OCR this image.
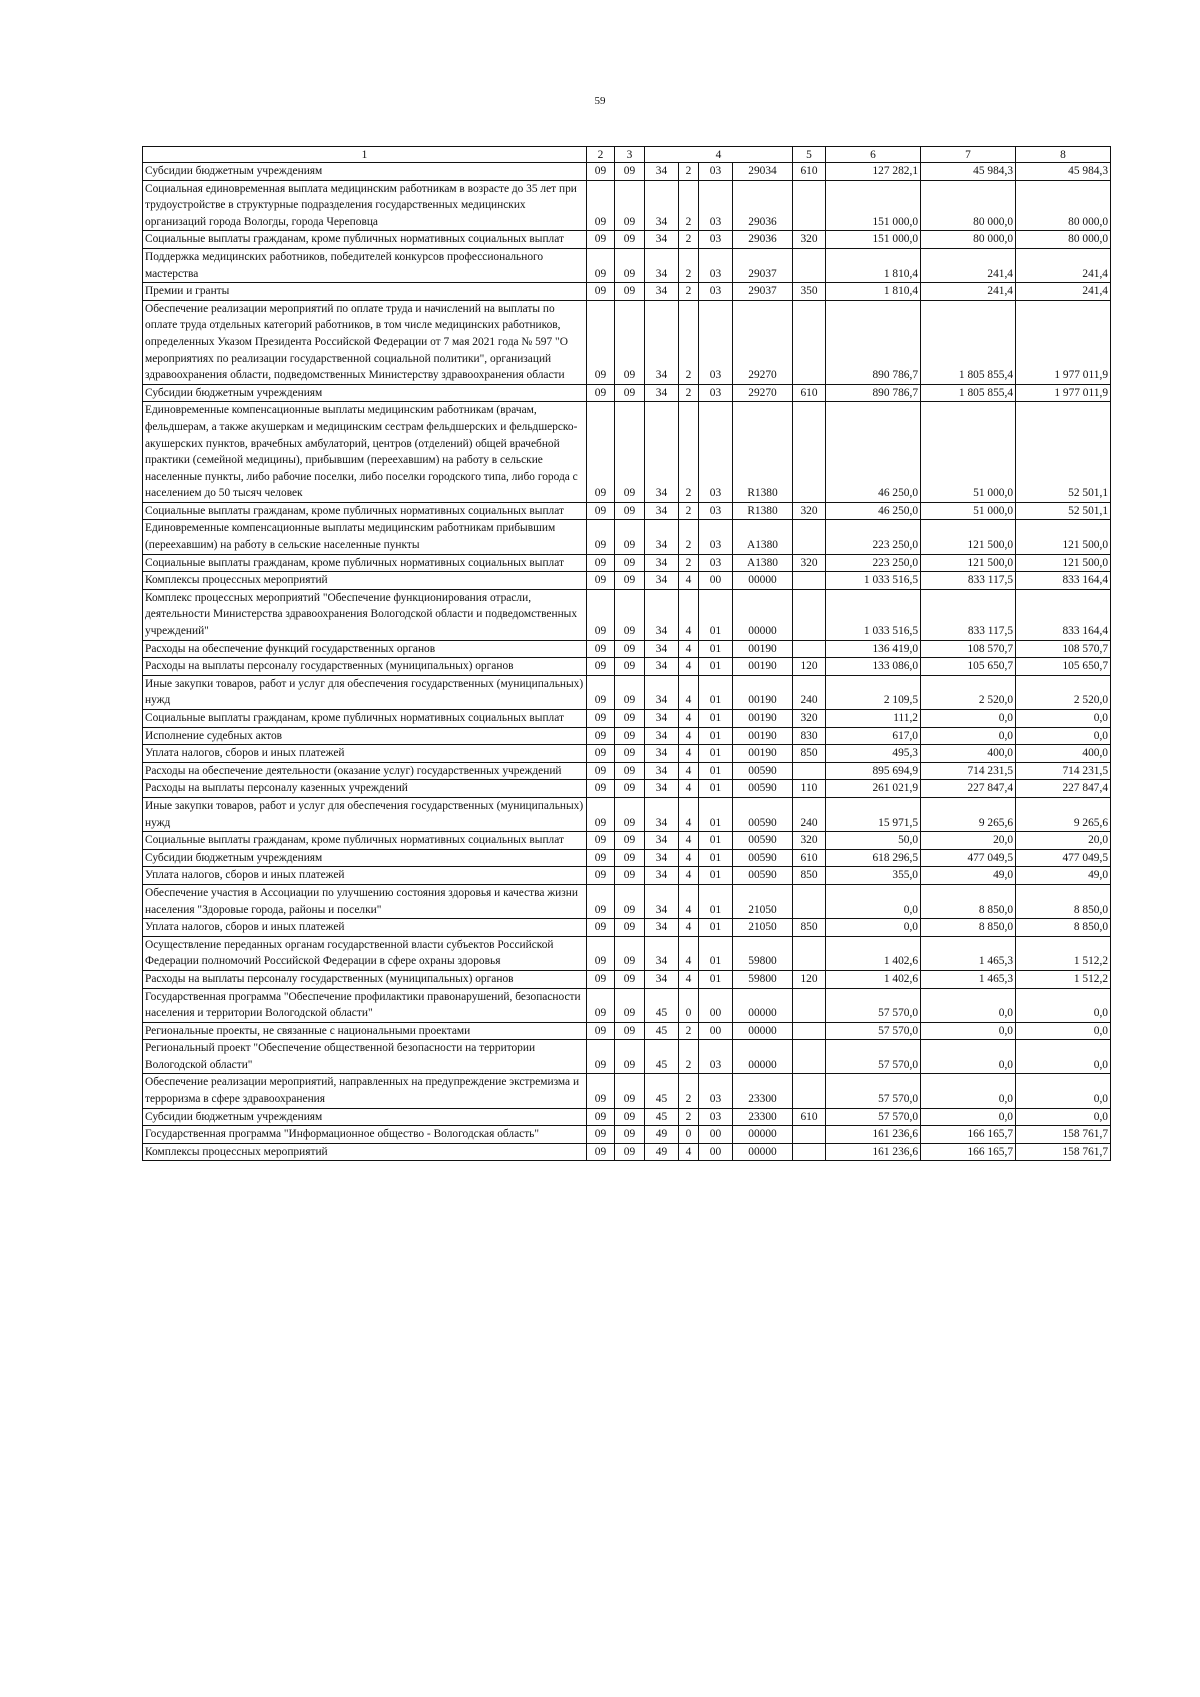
59
1	2	3	4				5	6	7	8
Субсидии бюджетным учреждениям	09	09	34	2	03	29034	610	127 282,1	45 984,3	45 984,3
Социальная единовременная выплата медицинским работникам в возрасте до 35 лет при трудоустройстве в структурные подразделения государственных медицинских организаций города Вологды, города Череповца	09	09	34	2	03	29036		151 000,0	80 000,0	80 000,0
Социальные выплаты гражданам, кроме публичных нормативных социальных выплат	09	09	34	2	03	29036	320	151 000,0	80 000,0	80 000,0
Поддержка медицинских работников, победителей конкурсов профессионального мастерства	09	09	34	2	03	29037		1 810,4	241,4	241,4
Премии и гранты	09	09	34	2	03	29037	350	1 810,4	241,4	241,4
Обеспечение реализации мероприятий по оплате труда и начислений на выплаты по оплате труда отдельных категорий работников, в том числе медицинских работников, определенных Указом Президента Российской Федерации от 7 мая 2021 года № 597 "О мероприятиях по реализации государственной социальной политики", организаций здравоохранения области, подведомственных Министерству здравоохранения области	09	09	34	2	03	29270		890 786,7	1 805 855,4	1 977 011,9
Субсидии бюджетным учреждениям	09	09	34	2	03	29270	610	890 786,7	1 805 855,4	1 977 011,9
Единовременные компенсационные выплаты медицинским работникам (врачам, фельдшерам, а также акушеркам и медицинским сестрам фельдшерских и фельдшерско-акушерских пунктов, врачебных амбулаторий, центров (отделений) общей врачебной практики (семейной медицины), прибывшим (переехавшим) на работу в сельские населенные пункты, либо рабочие поселки, либо поселки городского типа, либо города с населением до 50 тысяч человек	09	09	34	2	03	R1380		46 250,0	51 000,0	52 501,1
Социальные выплаты гражданам, кроме публичных нормативных социальных выплат	09	09	34	2	03	R1380	320	46 250,0	51 000,0	52 501,1
Единовременные компенсационные выплаты медицинским работникам прибывшим (переехавшим) на работу в сельские населенные пункты	09	09	34	2	03	A1380		223 250,0	121 500,0	121 500,0
Социальные выплаты гражданам, кроме публичных нормативных социальных выплат	09	09	34	2	03	A1380	320	223 250,0	121 500,0	121 500,0
Комплексы процессных мероприятий	09	09	34	4	00	00000		1 033 516,5	833 117,5	833 164,4
Комплекс процессных мероприятий "Обеспечение функционирования отрасли, деятельности Министерства здравоохранения Вологодской области и подведомственных учреждений"	09	09	34	4	01	00000		1 033 516,5	833 117,5	833 164,4
Расходы на обеспечение функций государственных органов	09	09	34	4	01	00190		136 419,0	108 570,7	108 570,7
Расходы на выплаты персоналу государственных (муниципальных) органов	09	09	34	4	01	00190	120	133 086,0	105 650,7	105 650,7
Иные закупки товаров, работ и услуг для обеспечения государственных (муниципальных) нужд	09	09	34	4	01	00190	240	2 109,5	2 520,0	2 520,0
Социальные выплаты гражданам, кроме публичных нормативных социальных выплат	09	09	34	4	01	00190	320	111,2	0,0	0,0
Исполнение судебных актов	09	09	34	4	01	00190	830	617,0	0,0	0,0
Уплата налогов, сборов и иных платежей	09	09	34	4	01	00190	850	495,3	400,0	400,0
Расходы на обеспечение деятельности (оказание услуг) государственных учреждений	09	09	34	4	01	00590		895 694,9	714 231,5	714 231,5
Расходы на выплаты персоналу казенных учреждений	09	09	34	4	01	00590	110	261 021,9	227 847,4	227 847,4
Иные закупки товаров, работ и услуг для обеспечения государственных (муниципальных) нужд	09	09	34	4	01	00590	240	15 971,5	9 265,6	9 265,6
Социальные выплаты гражданам, кроме публичных нормативных социальных выплат	09	09	34	4	01	00590	320	50,0	20,0	20,0
Субсидии бюджетным учреждениям	09	09	34	4	01	00590	610	618 296,5	477 049,5	477 049,5
Уплата налогов, сборов и иных платежей	09	09	34	4	01	00590	850	355,0	49,0	49,0
Обеспечение участия в Ассоциации по улучшению состояния здоровья и качества жизни населения "Здоровые города, районы и поселки"	09	09	34	4	01	21050		0,0	8 850,0	8 850,0
Уплата налогов, сборов и иных платежей	09	09	34	4	01	21050	850	0,0	8 850,0	8 850,0
Осуществление переданных органам государственной власти субъектов Российской Федерации полномочий Российской Федерации в сфере охраны здоровья	09	09	34	4	01	59800		1 402,6	1 465,3	1 512,2
Расходы на выплаты персоналу государственных (муниципальных) органов	09	09	34	4	01	59800	120	1 402,6	1 465,3	1 512,2
Государственная программа "Обеспечение профилактики правонарушений, безопасности населения и территории Вологодской области"	09	09	45	0	00	00000		57 570,0	0,0	0,0
Региональные проекты, не связанные с национальными проектами	09	09	45	2	00	00000		57 570,0	0,0	0,0
Региональный проект "Обеспечение общественной безопасности на территории Вологодской области"	09	09	45	2	03	00000		57 570,0	0,0	0,0
Обеспечение реализации мероприятий, направленных на предупреждение экстремизма и терроризма в сфере здравоохранения	09	09	45	2	03	23300		57 570,0	0,0	0,0
Субсидии бюджетным учреждениям	09	09	45	2	03	23300	610	57 570,0	0,0	0,0
Государственная программа "Информационное общество - Вологодская область"	09	09	49	0	00	00000		161 236,6	166 165,7	158 761,7
Комплексы процессных мероприятий	09	09	49	4	00	00000		161 236,6	166 165,7	158 761,7
